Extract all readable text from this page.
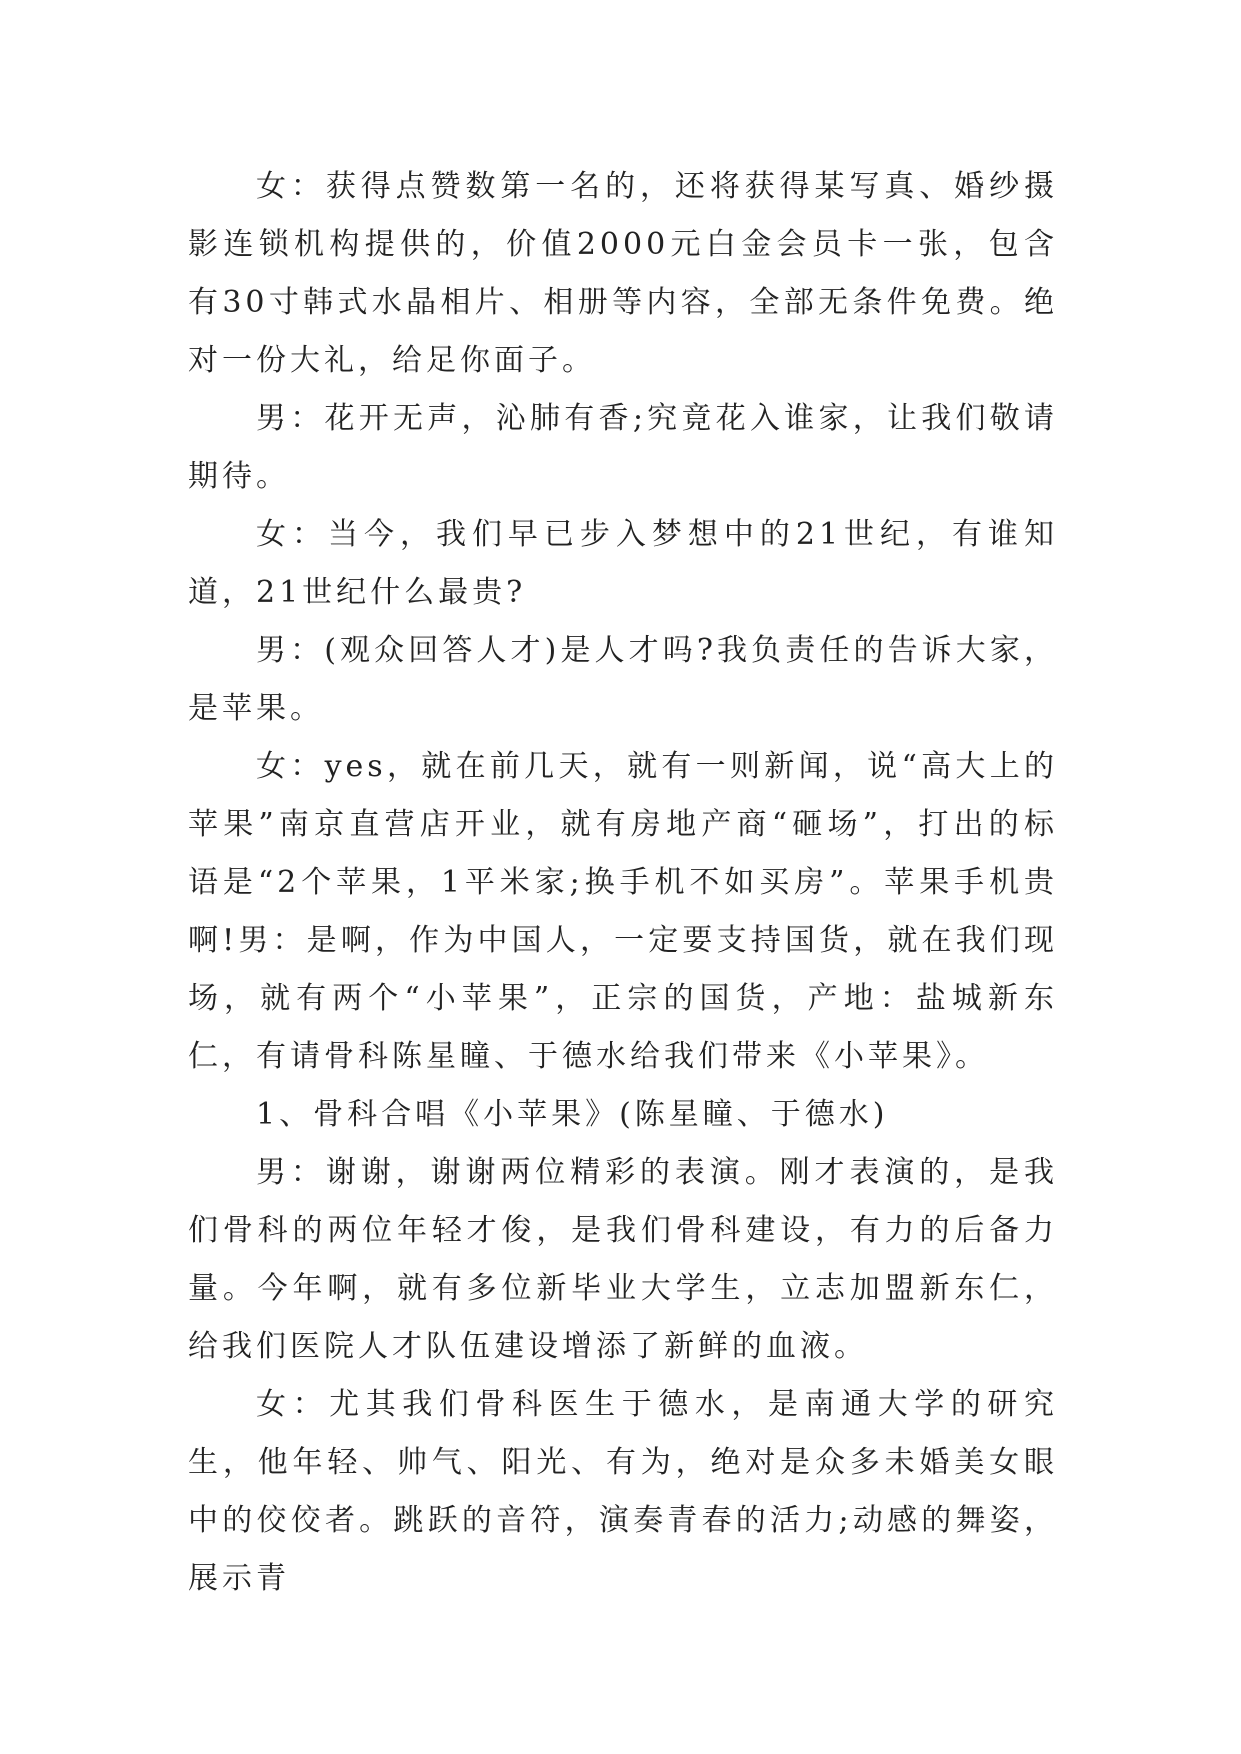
女：获得点赞数第一名的，还将获得某写真、婚纱摄影连锁机构提供的，价值2000元白金会员卡一张，包含有30寸韩式水晶相片、相册等内容，全部无条件免费。绝对一份大礼，给足你面子。

男：花开无声，沁肺有香;究竟花入谁家，让我们敬请期待。

女：当今，我们早已步入梦想中的21世纪，有谁知道，21世纪什么最贵?

男：(观众回答人才)是人才吗?我负责任的告诉大家，是苹果。

女：yes，就在前几天，就有一则新闻，说“高大上的苹果”南京直营店开业，就有房地产商“砸场”，打出的标语是“2个苹果，1平米家;换手机不如买房”。苹果手机贵啊!男：是啊，作为中国人，一定要支持国货，就在我们现场，就有两个“小苹果”，正宗的国货，产地：盐城新东仁，有请骨科陈星瞳、于德水给我们带来《小苹果》。

1、骨科合唱《小苹果》(陈星瞳、于德水)

男：谢谢，谢谢两位精彩的表演。刚才表演的，是我们骨科的两位年轻才俊，是我们骨科建设，有力的后备力量。今年啊，就有多位新毕业大学生，立志加盟新东仁，给我们医院人才队伍建设增添了新鲜的血液。

女：尤其我们骨科医生于德水，是南通大学的研究生，他年轻、帅气、阳光、有为，绝对是众多未婚美女眼中的佼佼者。跳跃的音符，演奏青春的活力;动感的舞姿，展示青
